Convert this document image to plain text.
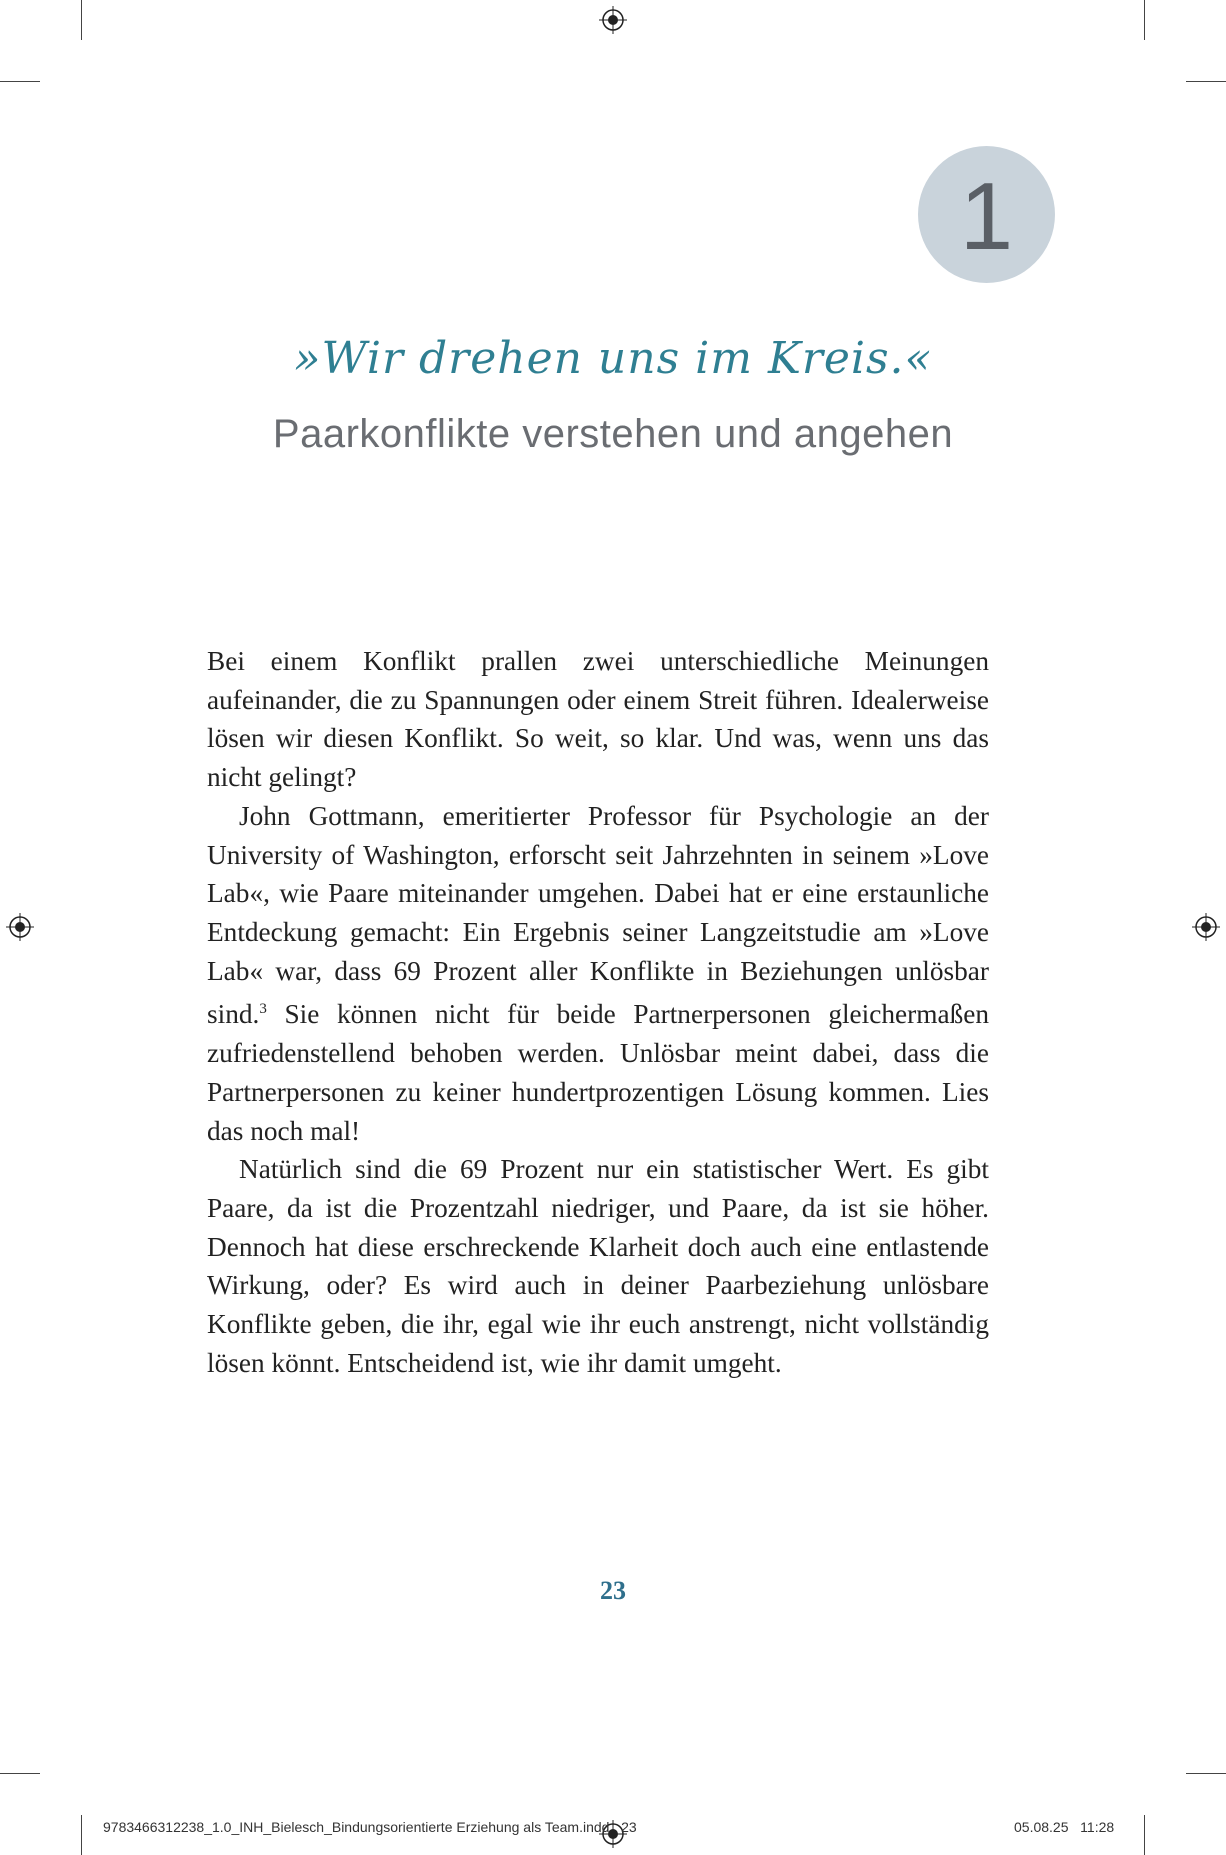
1
»Wir drehen uns im Kreis.«
Paarkonflikte verstehen und angehen

Bei einem Konflikt prallen zwei unterschiedliche Meinungen aufeinander, die zu Spannungen oder einem Streit führen. Idealerweise lösen wir diesen Konflikt. So weit, so klar. Und was, wenn uns das nicht gelingt?

John Gottmann, emeritierter Professor für Psychologie an der University of Washington, erforscht seit Jahrzehnten in seinem »Love Lab«, wie Paare miteinander umgehen. Dabei hat er eine erstaunliche Entdeckung gemacht: Ein Ergebnis seiner Langzeitstudie am »Love Lab« war, dass 69 Prozent aller Konflikte in Beziehungen unlösbar sind.$^3$ Sie können nicht für beide Partnerpersonen gleichermaßen zufriedenstellend behoben werden. Unlösbar meint dabei, dass die Partnerpersonen zu keiner hundertprozentigen Lösung kommen. Lies das noch mal!

Natürlich sind die 69 Prozent nur ein statistischer Wert. Es gibt Paare, da ist die Prozentzahl niedriger, und Paare, da ist sie höher. Dennoch hat diese erschreckende Klarheit doch auch eine entlastende Wirkung, oder? Es wird auch in deiner Paarbeziehung unlösbare Konflikte geben, die ihr, egal wie ihr euch anstrengt, nicht vollständig lösen könnt. Entscheidend ist, wie ihr damit umgeht.

23
9783466312238_1.0_INH_Bielesch_Bindungsorientierte Erziehung als Team.indd 23	05.08.25 11:28
